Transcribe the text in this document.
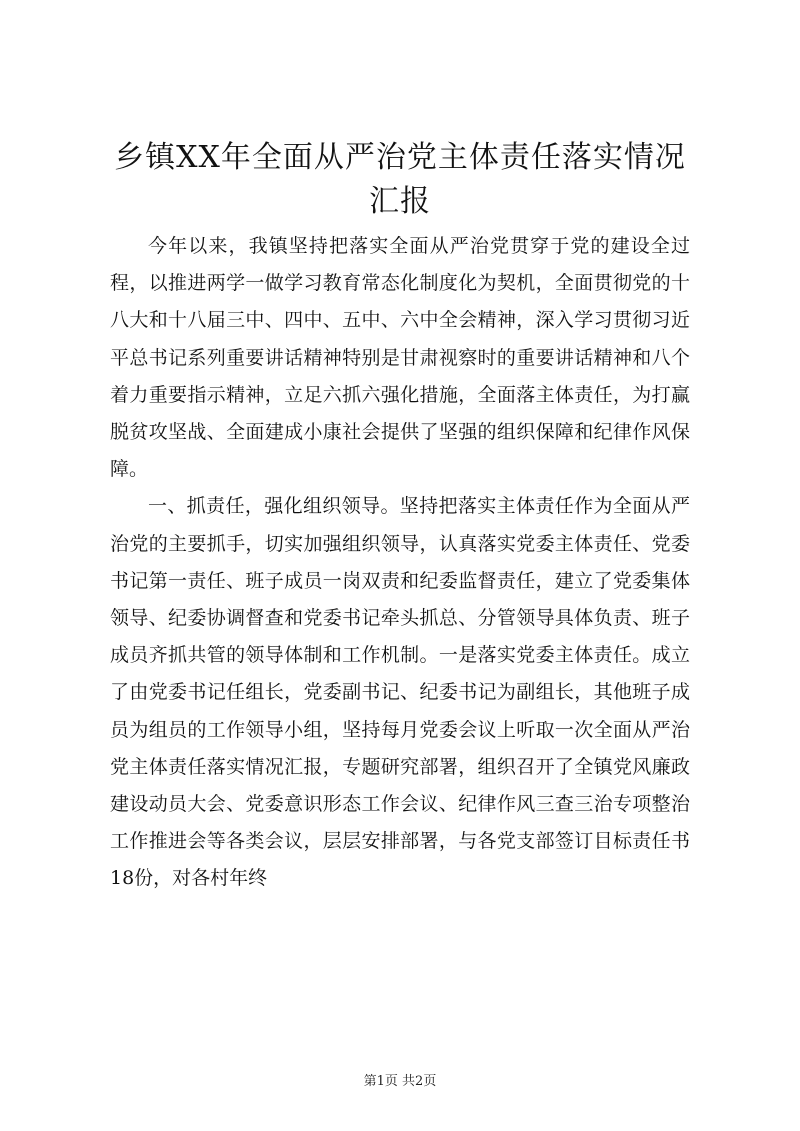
乡镇XX年全面从严治党主体责任落实情况汇报

今年以来，我镇坚持把落实全面从严治党贯穿于党的建设全过程，以推进两学一做学习教育常态化制度化为契机，全面贯彻党的十八大和十八届三中、四中、五中、六中全会精神，深入学习贯彻习近平总书记系列重要讲话精神特别是甘肃视察时的重要讲话精神和八个着力重要指示精神，立足六抓六强化措施，全面落主体责任，为打赢脱贫攻坚战、全面建成小康社会提供了坚强的组织保障和纪律作风保障。

一、抓责任，强化组织领导。坚持把落实主体责任作为全面从严治党的主要抓手，切实加强组织领导，认真落实党委主体责任、党委书记第一责任、班子成员一岗双责和纪委监督责任，建立了党委集体领导、纪委协调督查和党委书记牵头抓总、分管领导具体负责、班子成员齐抓共管的领导体制和工作机制。一是落实党委主体责任。成立了由党委书记任组长，党委副书记、纪委书记为副组长，其他班子成员为组员的工作领导小组，坚持每月党委会议上听取一次全面从严治党主体责任落实情况汇报，专题研究部署，组织召开了全镇党风廉政建设动员大会、党委意识形态工作会议、纪律作风三查三治专项整治工作推进会等各类会议，层层安排部署，与各党支部签订目标责任书18份，对各村年终

第1页 共2页
